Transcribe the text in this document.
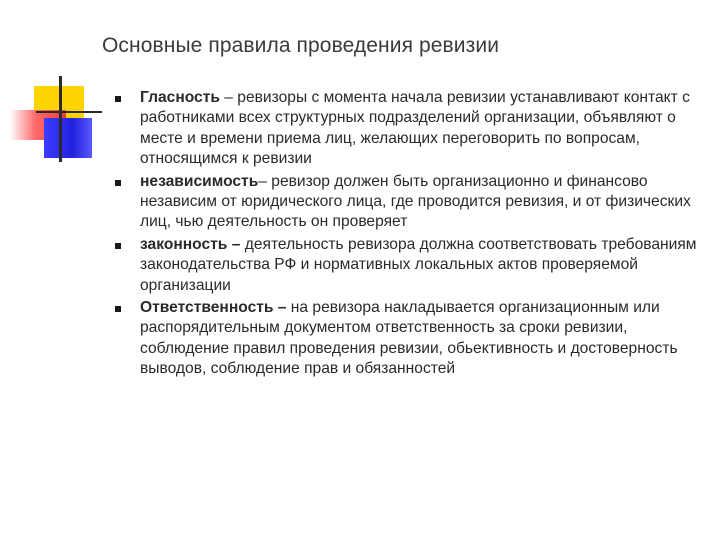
Основные правила проведения ревизии
Гласность – ревизоры с момента начала ревизии устанавливают контакт с работниками всех структурных подразделений организации, объявляют о месте и времени приема лиц, желающих переговорить по вопросам, относящимся к ревизии
независимость– ревизор должен быть организационно и финансово независим от юридического лица, где проводится ревизия, и от физических лиц, чью деятельность он проверяет
законность – деятельность ревизора должна соответствовать требованиям законодательства РФ и нормативных локальных актов проверяемой организации
Ответственность – на ревизора накладывается организационным или распорядительным документом ответственность за сроки ревизии, соблюдение правил проведения ревизии, обьективность и достоверность выводов, соблюдение прав и обязанностей
